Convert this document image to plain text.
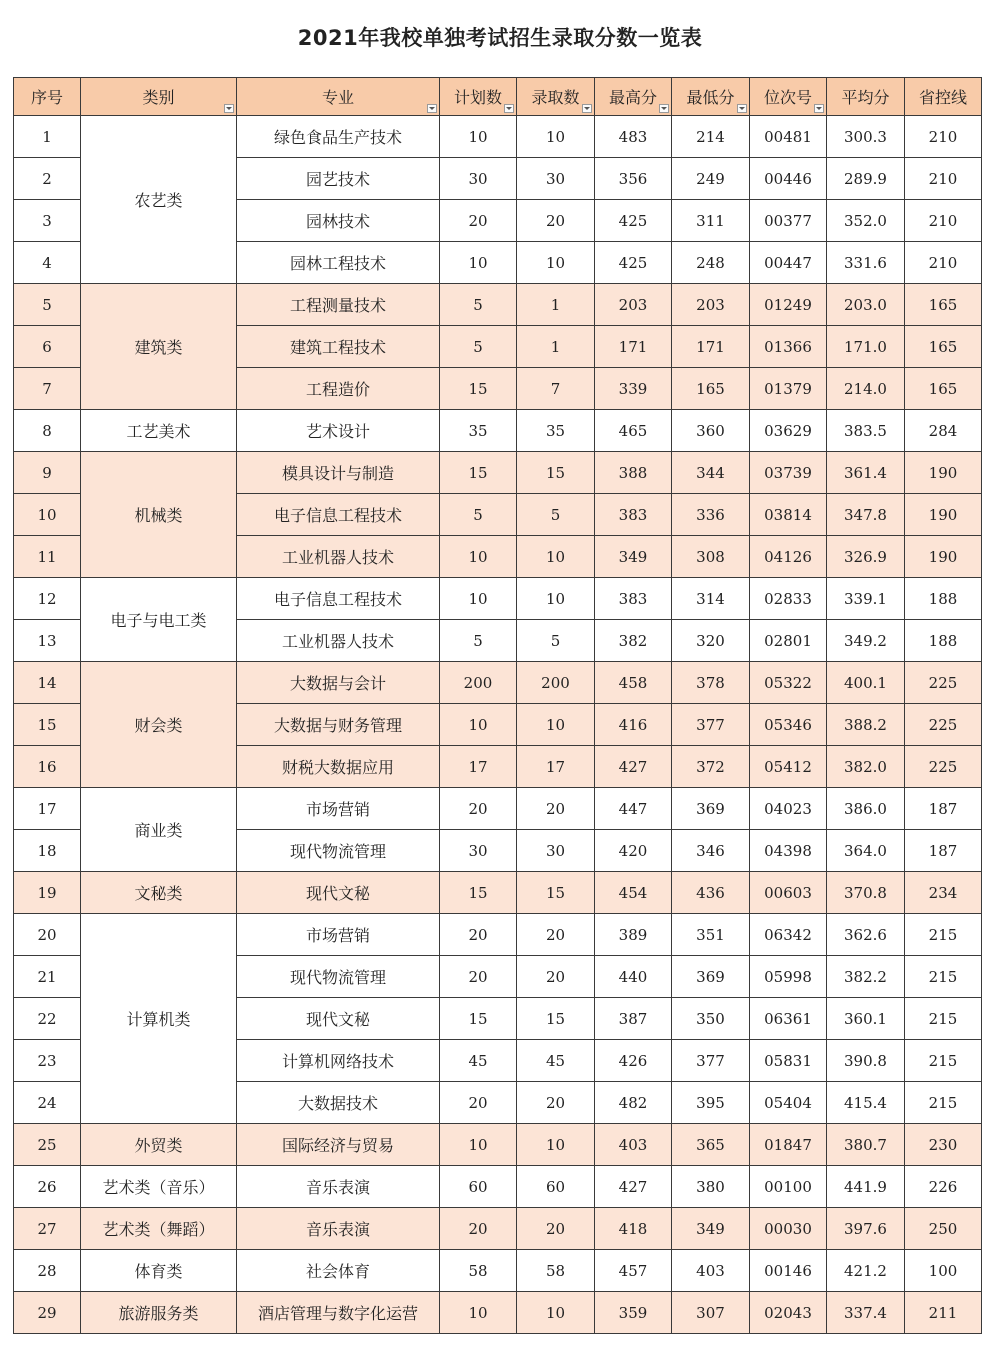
2021年我校单独考试招生录取分数一览表
序号	类别	专业	计划数	录取数	最高分	最低分	位次号	平均分	省控线
1	农艺类	绿色食品生产技术	10	10	483	214	00481	300.3	210
2		园艺技术	30	30	356	249	00446	289.9	210
3		园林技术	20	20	425	311	00377	352.0	210
4		园林工程技术	10	10	425	248	00447	331.6	210
5	建筑类	工程测量技术	5	1	203	203	01249	203.0	165
6		建筑工程技术	5	1	171	171	01366	171.0	165
7		工程造价	15	7	339	165	01379	214.0	165
8	工艺美术	艺术设计	35	35	465	360	03629	383.5	284
9	机械类	模具设计与制造	15	15	388	344	03739	361.4	190
10		电子信息工程技术	5	5	383	336	03814	347.8	190
11		工业机器人技术	10	10	349	308	04126	326.9	190
12	电子与电工类	电子信息工程技术	10	10	383	314	02833	339.1	188
13		工业机器人技术	5	5	382	320	02801	349.2	188
14	财会类	大数据与会计	200	200	458	378	05322	400.1	225
15		大数据与财务管理	10	10	416	377	05346	388.2	225
16		财税大数据应用	17	17	427	372	05412	382.0	225
17	商业类	市场营销	20	20	447	369	04023	386.0	187
18		现代物流管理	30	30	420	346	04398	364.0	187
19	文秘类	现代文秘	15	15	454	436	00603	370.8	234
20	计算机类	市场营销	20	20	389	351	06342	362.6	215
21		现代物流管理	20	20	440	369	05998	382.2	215
22		现代文秘	15	15	387	350	06361	360.1	215
23		计算机网络技术	45	45	426	377	05831	390.8	215
24		大数据技术	20	20	482	395	05404	415.4	215
25	外贸类	国际经济与贸易	10	10	403	365	01847	380.7	230
26	艺术类（音乐）	音乐表演	60	60	427	380	00100	441.9	226
27	艺术类（舞蹈）	音乐表演	20	20	418	349	00030	397.6	250
28	体育类	社会体育	58	58	457	403	00146	421.2	100
29	旅游服务类	酒店管理与数字化运营	10	10	359	307	02043	337.4	211
